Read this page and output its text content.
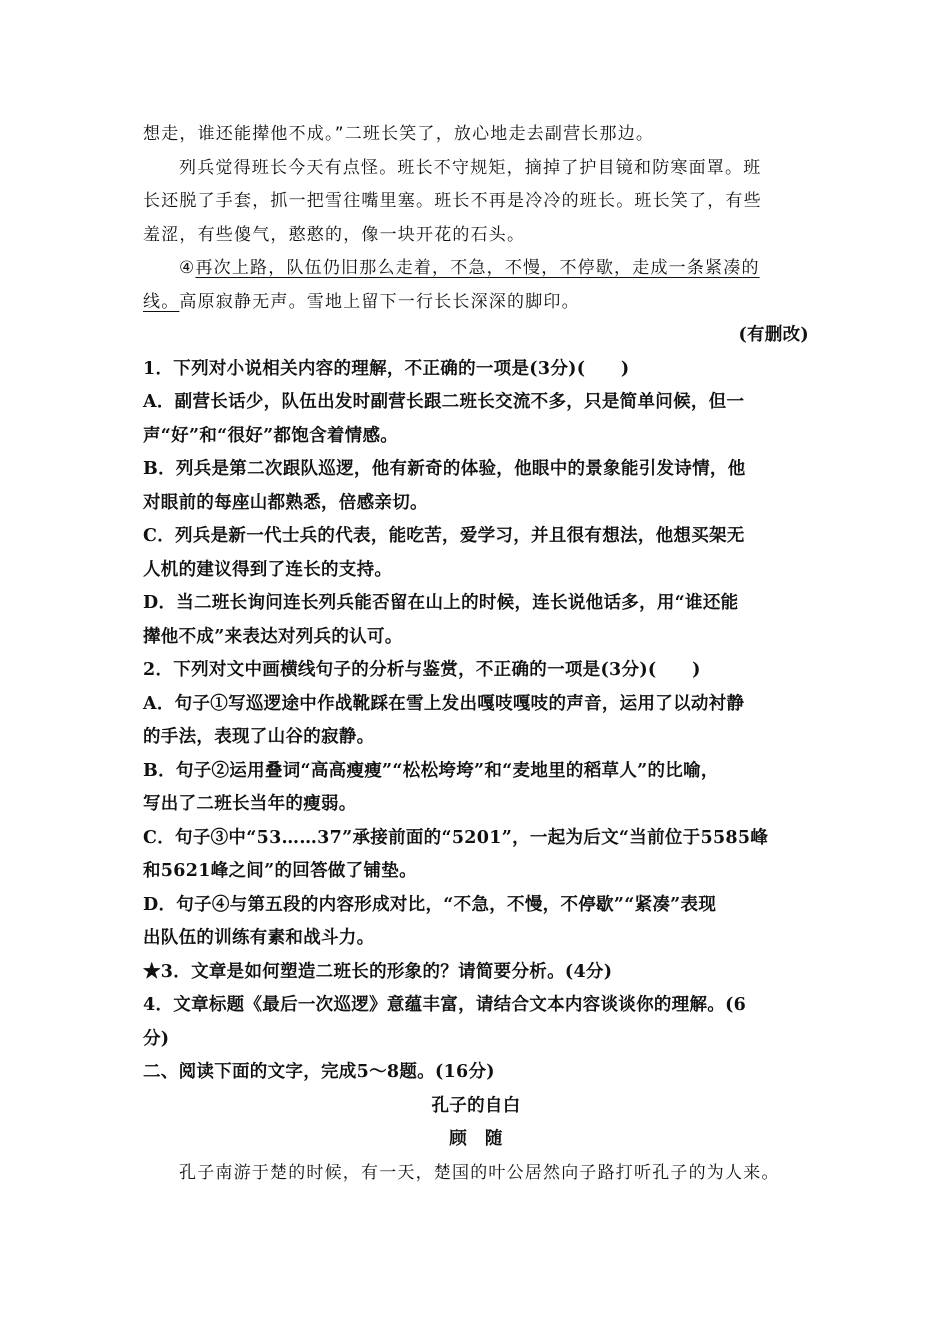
想走，谁还能撵他不成。”二班长笑了，放心地走去副营长那边。
列兵觉得班长今天有点怪。班长不守规矩，摘掉了护目镜和防寒面罩。班
长还脱了手套，抓一把雪往嘴里塞。班长不再是冷冷的班长。班长笑了，有些
羞涩，有些傻气，憨憨的，像一块开花的石头。
④再次上路，队伍仍旧那么走着，不急，不慢，不停歇，走成一条紧凑的
线。高原寂静无声。雪地上留下一行长长深深的脚印。
(有删改)
1．下列对小说相关内容的理解，不正确的一项是(3分)(　　)
A．副营长话少，队伍出发时副营长跟二班长交流不多，只是简单问候，但一
声“好”和“很好”都饱含着情感。
B．列兵是第二次跟队巡逻，他有新奇的体验，他眼中的景象能引发诗情，他
对眼前的每座山都熟悉，倍感亲切。
C．列兵是新一代士兵的代表，能吃苦，爱学习，并且很有想法，他想买架无
人机的建议得到了连长的支持。
D．当二班长询问连长列兵能否留在山上的时候，连长说他话多，用“谁还能
撵他不成”来表达对列兵的认可。
2．下列对文中画横线句子的分析与鉴赏，不正确的一项是(3分)(　　)
A．句子①写巡逻途中作战靴踩在雪上发出嘎吱嘎吱的声音，运用了以动衬静
的手法，表现了山谷的寂静。
B．句子②运用叠词“高高瘦瘦”“松松垮垮”和“麦地里的稻草人”的比喻，
写出了二班长当年的瘦弱。
C．句子③中“53……37”承接前面的“5201”，一起为后文“当前位于5585峰
和5621峰之间”的回答做了铺垫。
D．句子④与第五段的内容形成对比，“不急，不慢，不停歇”“紧凑”表现
出队伍的训练有素和战斗力。
★3．文章是如何塑造二班长的形象的？请简要分析。(4分)
4．文章标题《最后一次巡逻》意蕴丰富，请结合文本内容谈谈你的理解。(6
分)
二、阅读下面的文字，完成5～8题。(16分)
孔子的自白
顾　随
孔子南游于楚的时候，有一天，楚国的叶公居然向子路打听孔子的为人来。
